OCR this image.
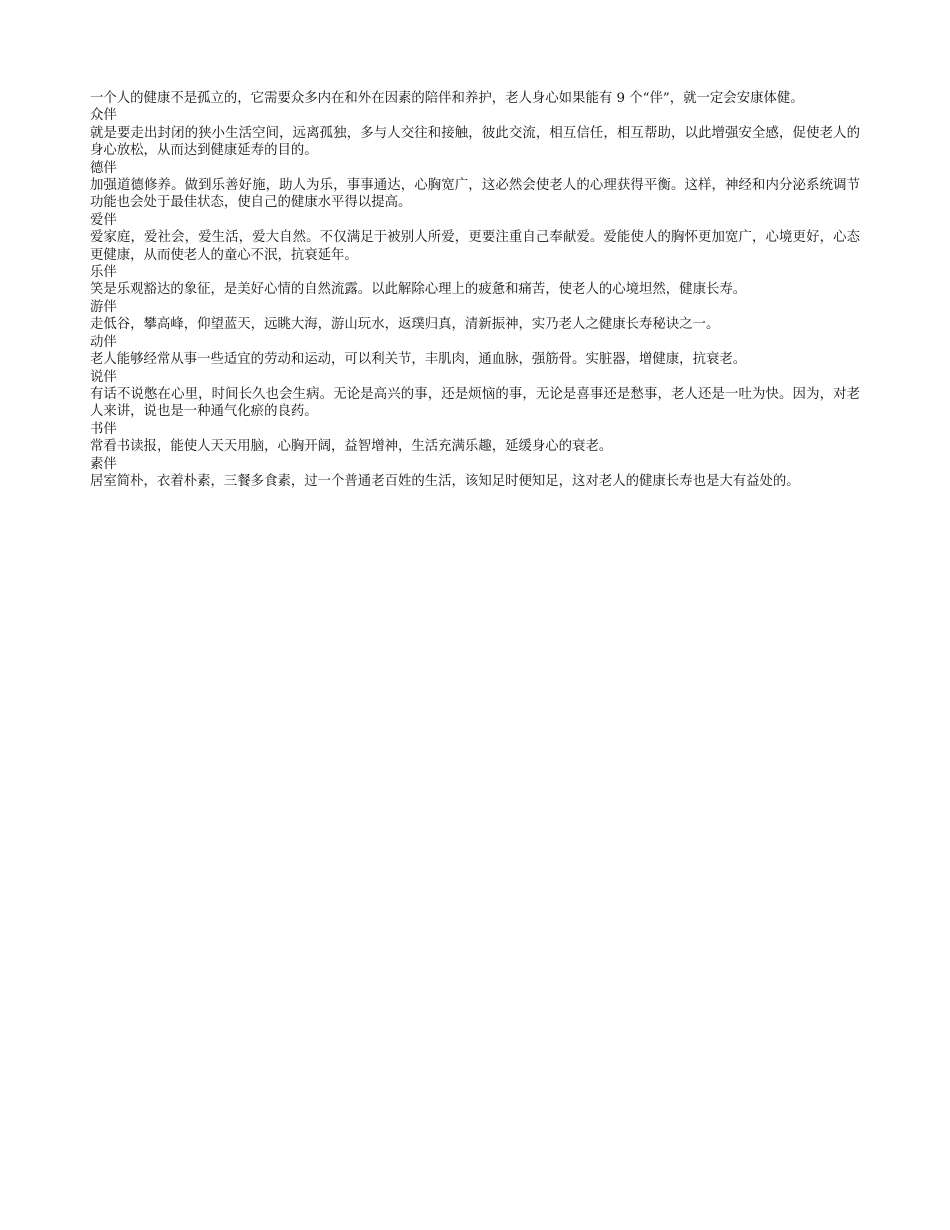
一个人的健康不是孤立的，它需要众多内在和外在因素的陪伴和养护，老人身心如果能有 9 个“伴”，就一定会安康体健。

众伴

就是要走出封闭的狭小生活空间，远离孤独，多与人交往和接触，彼此交流，相互信任，相互帮助，以此增强安全感，促使老人的身心放松，从而达到健康延寿的目的。

德伴

加强道德修养。做到乐善好施，助人为乐，事事通达，心胸宽广，这必然会使老人的心理获得平衡。这样，神经和内分泌系统调节功能也会处于最佳状态，使自己的健康水平得以提高。

爱伴

爱家庭，爱社会，爱生活，爱大自然。不仅满足于被别人所爱，更要注重自己奉献爱。爱能使人的胸怀更加宽广，心境更好，心态更健康，从而使老人的童心不泯，抗衰延年。

乐伴

笑是乐观豁达的象征，是美好心情的自然流露。以此解除心理上的疲惫和痛苦，使老人的心境坦然，健康长寿。

游伴

走低谷，攀高峰，仰望蓝天，远眺大海，游山玩水，返璞归真，清新振神，实乃老人之健康长寿秘诀之一。

动伴

老人能够经常从事一些适宜的劳动和运动，可以利关节，丰肌肉，通血脉，强筋骨。实脏器，增健康，抗衰老。

说伴

有话不说憋在心里，时间长久也会生病。无论是高兴的事，还是烦恼的事，无论是喜事还是愁事，老人还是一吐为快。因为，对老人来讲，说也是一种通气化瘀的良药。

书伴

常看书读报，能使人天天用脑，心胸开阔，益智增神，生活充满乐趣，延缓身心的衰老。

素伴

居室简朴，衣着朴素，三餐多食素，过一个普通老百姓的生活，该知足时便知足，这对老人的健康长寿也是大有益处的。
